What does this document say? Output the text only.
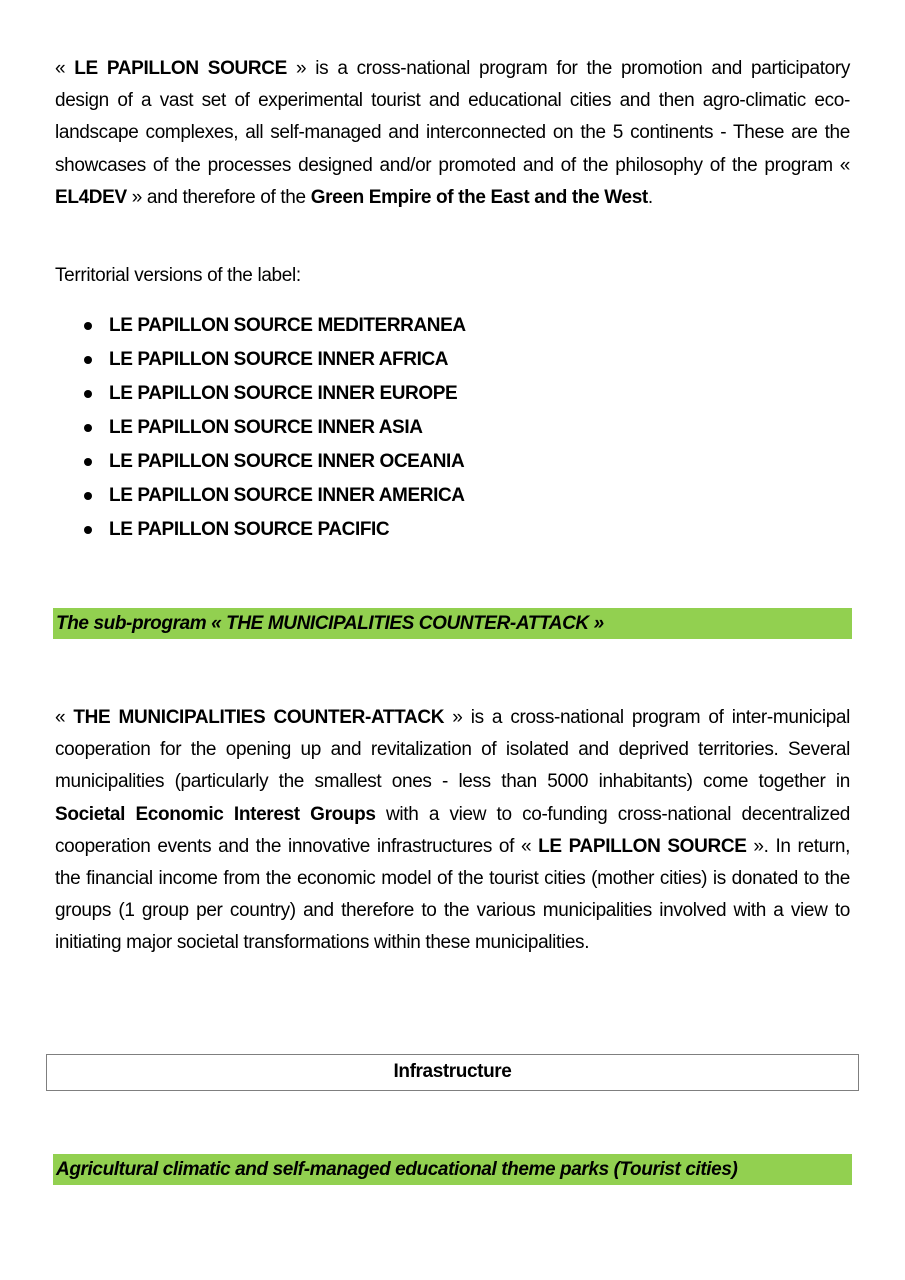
« LE PAPILLON SOURCE » is a cross-national program for the promotion and participatory design of a vast set of experimental tourist and educational cities and then agro-climatic eco-landscape complexes, all self-managed and interconnected on the 5 continents - These are the showcases of the processes designed and/or promoted and of the philosophy of the program « EL4DEV » and therefore of the Green Empire of the East and the West.

Territorial versions of the label:

LE PAPILLON SOURCE MEDITERRANEA
LE PAPILLON SOURCE INNER AFRICA
LE PAPILLON SOURCE INNER EUROPE
LE PAPILLON SOURCE INNER ASIA
LE PAPILLON SOURCE INNER OCEANIA
LE PAPILLON SOURCE INNER AMERICA
LE PAPILLON SOURCE PACIFIC
The sub-program « THE MUNICIPALITIES COUNTER-ATTACK »

« THE MUNICIPALITIES COUNTER-ATTACK » is a cross-national program of inter-municipal cooperation for the opening up and revitalization of isolated and deprived territories. Several municipalities (particularly the smallest ones - less than 5000 inhabitants) come together in Societal Economic Interest Groups with a view to co-funding cross-national decentralized cooperation events and the innovative infrastructures of « LE PAPILLON SOURCE ». In return, the financial income from the economic model of the tourist cities (mother cities) is donated to the groups (1 group per country) and therefore to the various municipalities involved with a view to initiating major societal transformations within these municipalities.

Infrastructure
Agricultural climatic and self-managed educational theme parks (Tourist cities)
